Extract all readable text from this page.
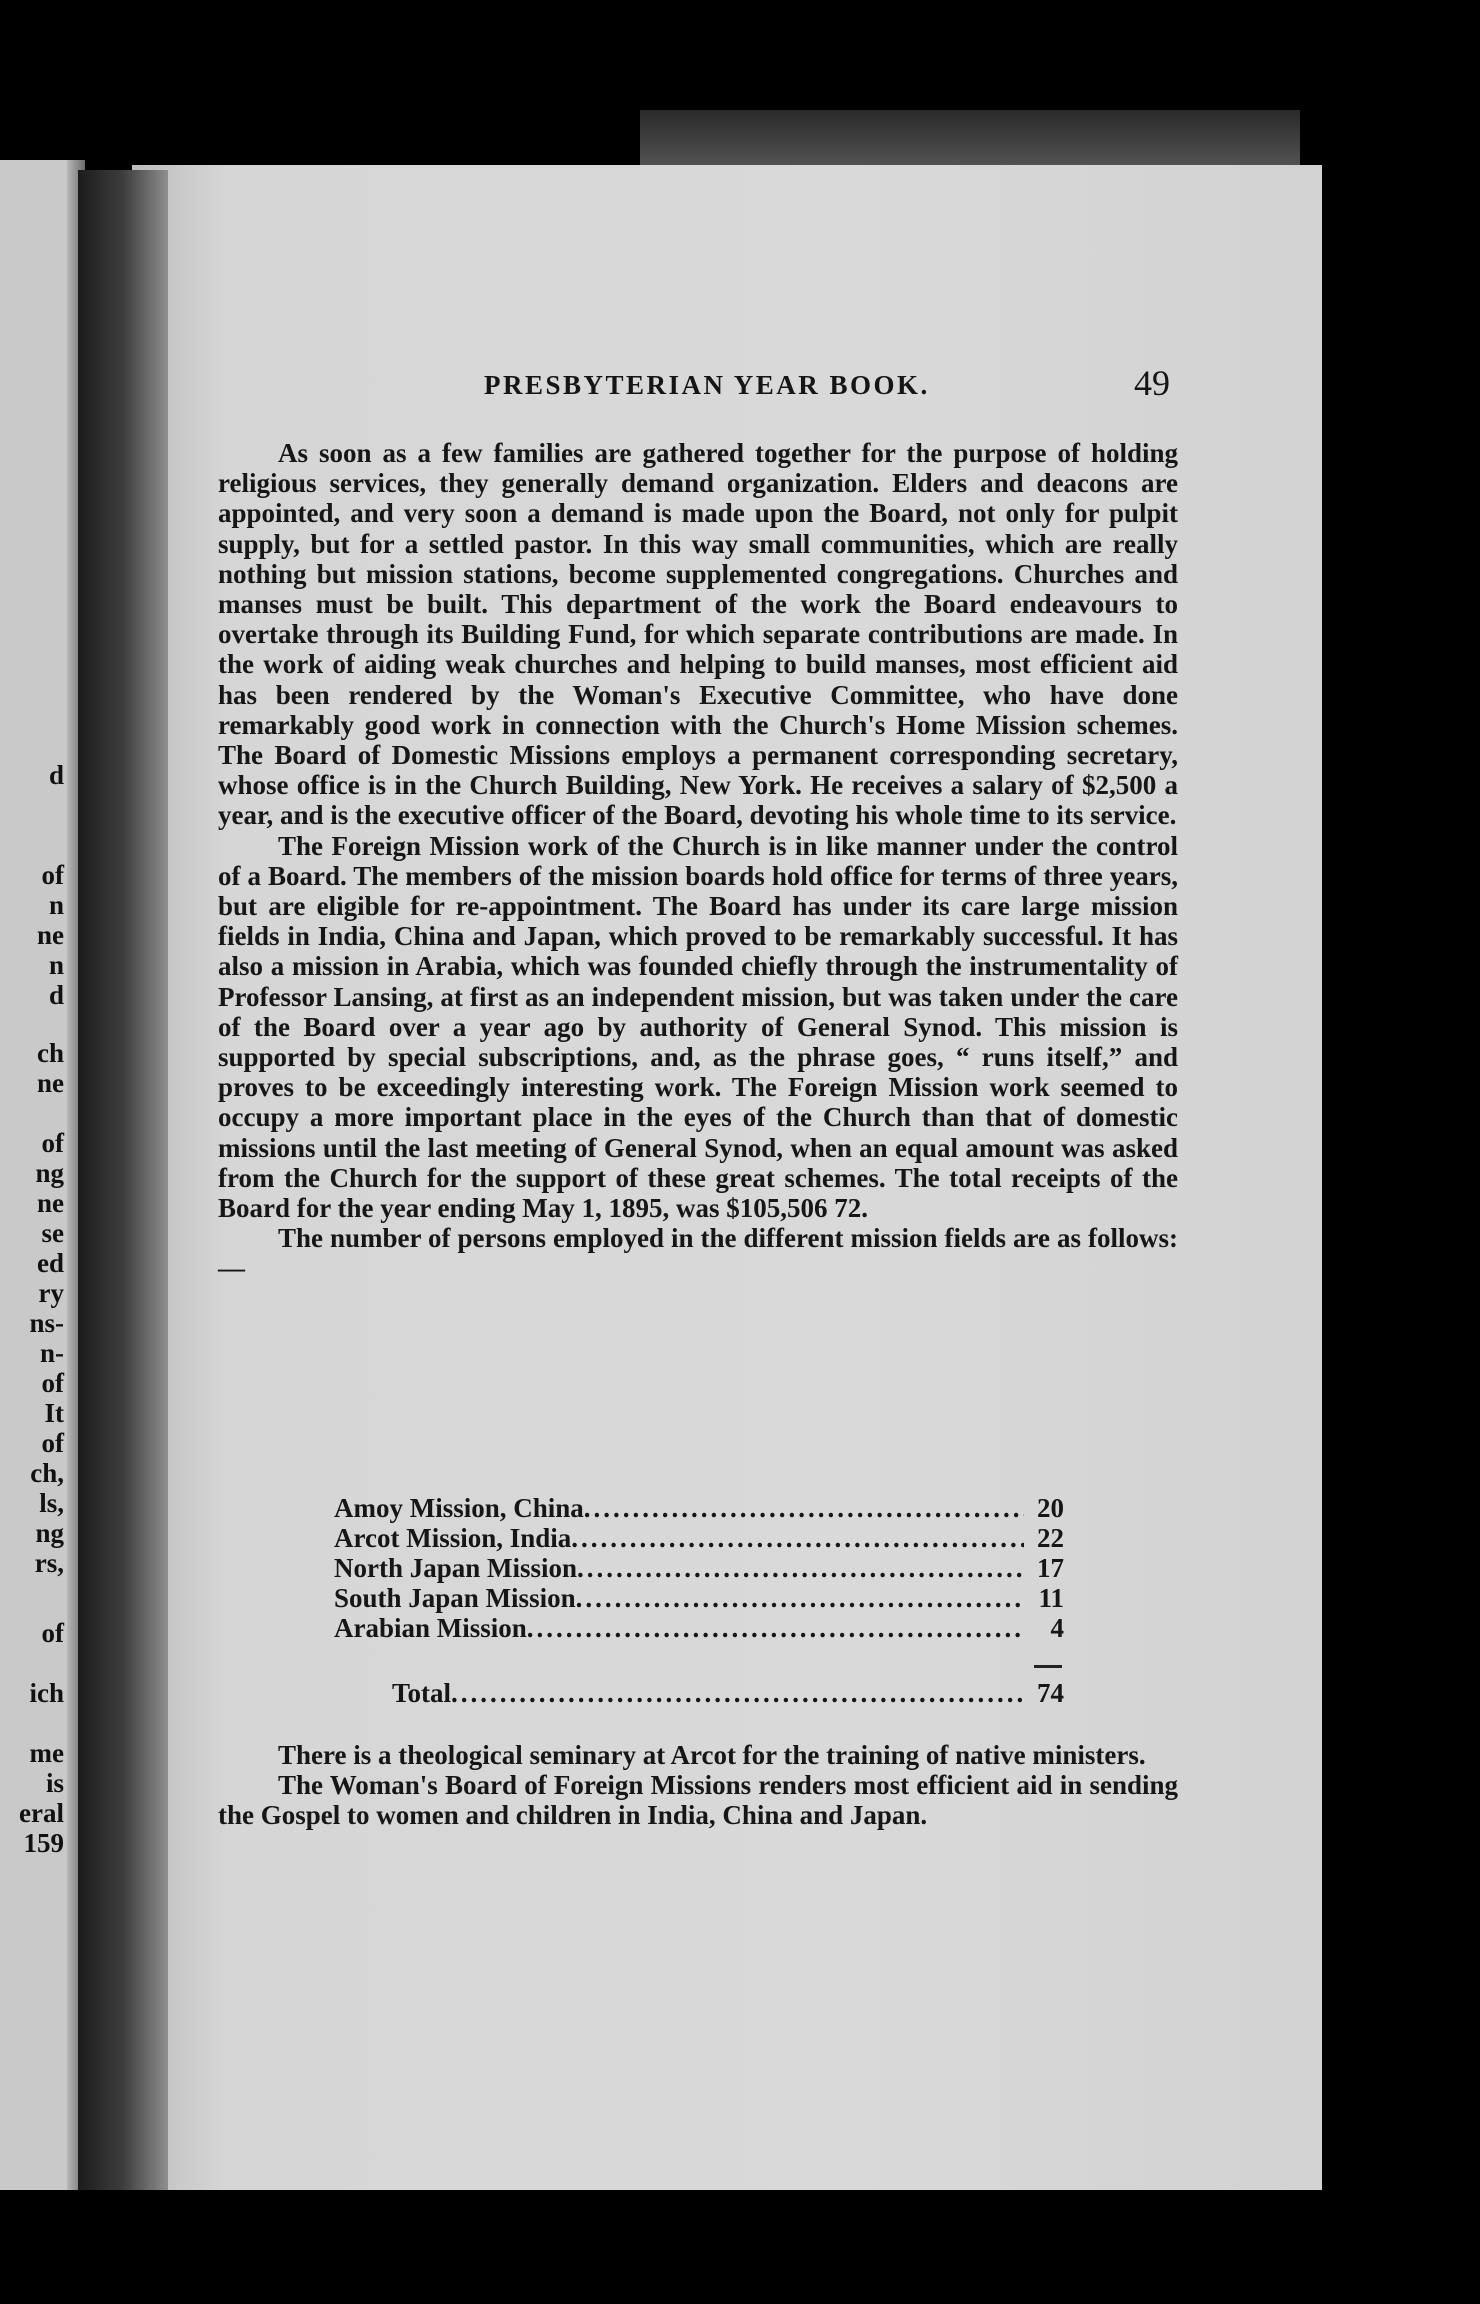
d
of
n
ne
n
d
ch
ne
of
ng
ne
se
ed
ry
ns-
n-
of
It
of
ch,
ls,
ng
rs,
of
ich
me
is
eral
159
PRESBYTERIAN YEAR BOOK.	49

As soon as a few families are gathered together for the purpose of holding religious services, they generally demand organization. Elders and deacons are appointed, and very soon a demand is made upon the Board, not only for pulpit supply, but for a settled pastor. In this way small communities, which are really nothing but mission stations, become supplemented congregations. Churches and manses must be built. This department of the work the Board endeavours to overtake through its Building Fund, for which separate contributions are made. In the work of aiding weak churches and helping to build manses, most efficient aid has been rendered by the Woman's Executive Committee, who have done remarkably good work in connection with the Church's Home Mission schemes. The Board of Domestic Missions employs a permanent corresponding secretary, whose office is in the Church Building, New York. He receives a salary of $2,500 a year, and is the executive officer of the Board, devoting his whole time to its service.

The Foreign Mission work of the Church is in like manner under the control of a Board. The members of the mission boards hold office for terms of three years, but are eligible for re-appointment. The Board has under its care large mission fields in India, China and Japan, which proved to be remarkably successful. It has also a mission in Arabia, which was founded chiefly through the instrumentality of Professor Lansing, at first as an independent mission, but was taken under the care of the Board over a year ago by authority of General Synod. This mission is supported by special subscriptions, and, as the phrase goes, “ runs itself,” and proves to be exceedingly interesting work. The Foreign Mission work seemed to occupy a more important place in the eyes of the Church than that of domestic missions until the last meeting of General Synod, when an equal amount was asked from the Church for the support of these great schemes. The total receipts of the Board for the year ending May 1, 1895, was $105,506 72.

The number of persons employed in the different mission fields are as follows:—

Amoy Mission, China .....	20
Arcot Mission, India .....	22
North Japan Mission .....	17
South Japan Mission .....	11
Arabian Mission .....	4
Total .....	74

There is a theological seminary at Arcot for the training of native ministers.

The Woman's Board of Foreign Missions renders most efficient aid in sending the Gospel to women and children in India, China and Japan.
